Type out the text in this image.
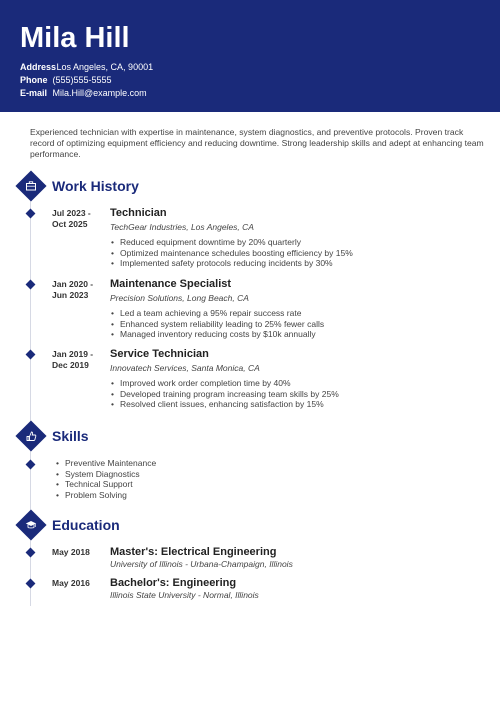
Mila Hill
Address Los Angeles, CA, 90001
Phone (555)555-5555
E-mail Mila.Hill@example.com
Experienced technician with expertise in maintenance, system diagnostics, and preventive protocols. Proven track record of optimizing equipment efficiency and reducing downtime. Strong leadership skills and adept at enhancing team performance.
Work History
Jul 2023 -
Oct 2025
Technician
TechGear Industries, Los Angeles, CA
• Reduced equipment downtime by 20% quarterly
• Optimized maintenance schedules boosting efficiency by 15%
• Implemented safety protocols reducing incidents by 30%
Jan 2020 -
Jun 2023
Maintenance Specialist
Precision Solutions, Long Beach, CA
• Led a team achieving a 95% repair success rate
• Enhanced system reliability leading to 25% fewer calls
• Managed inventory reducing costs by $10k annually
Jan 2019 -
Dec 2019
Service Technician
Innovatech Services, Santa Monica, CA
• Improved work order completion time by 40%
• Developed training program increasing team skills by 25%
• Resolved client issues, enhancing satisfaction by 15%
Skills
• Preventive Maintenance
• System Diagnostics
• Technical Support
• Problem Solving
Education
May 2018	Master's: Electrical Engineering
University of Illinois - Urbana-Champaign, Illinois
May 2016	Bachelor's: Engineering
Illinois State University - Normal, Illinois
